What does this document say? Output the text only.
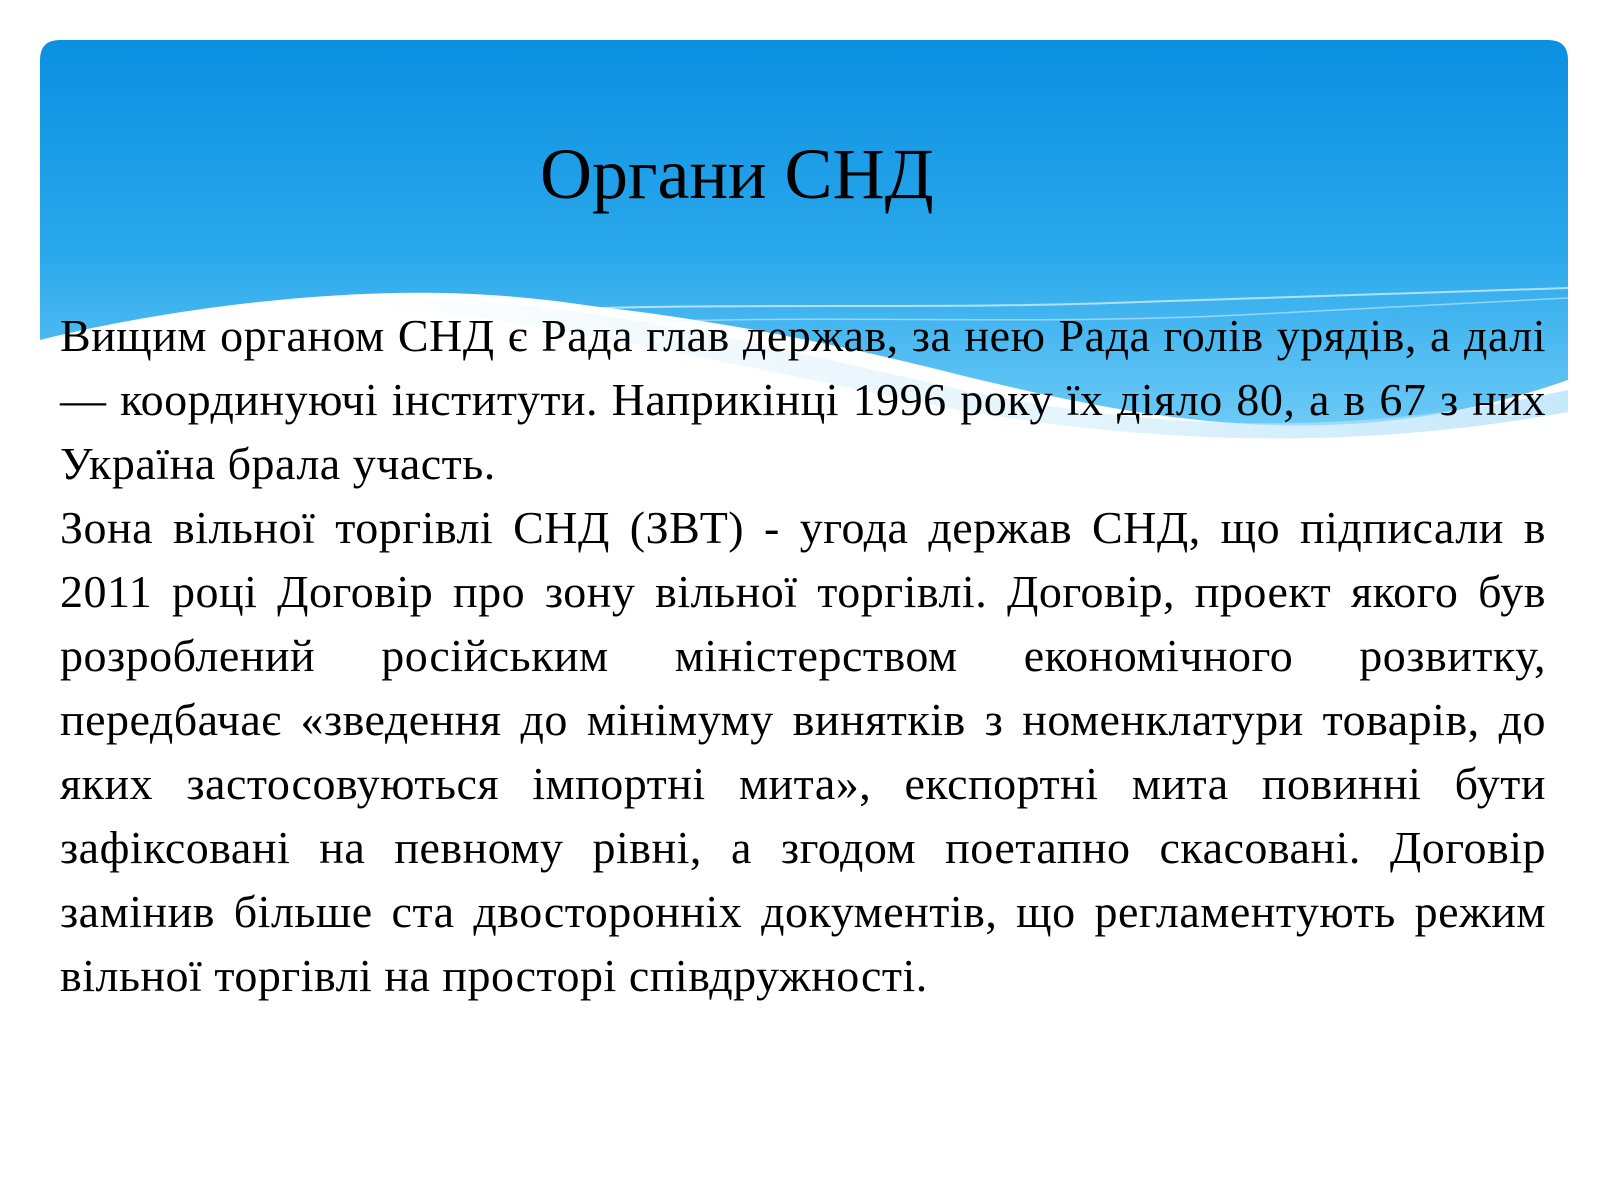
Органи СНД

Вищим органом СНД є Рада глав держав, за нею Рада голів урядів, а далі — координуючі інститути. Наприкінці 1996 року їх діяло 80, а в 67 з них Україна брала участь.

Зона вільної торгівлі СНД (ЗВТ) - угода держав СНД, що підписали в 2011 році Договір про зону вільної торгівлі. Договір, проект якого був розроблений російським міністерством економічного розвитку, передбачає «зведення до мінімуму винятків з номенклатури товарів, до яких застосовуються імпортні мита», експортні мита повинні бути зафіксовані на певному рівні, а згодом поетапно скасовані. Договір замінив більше ста двосторонніх документів, що регламентують режим вільної торгівлі на просторі співдружності.
